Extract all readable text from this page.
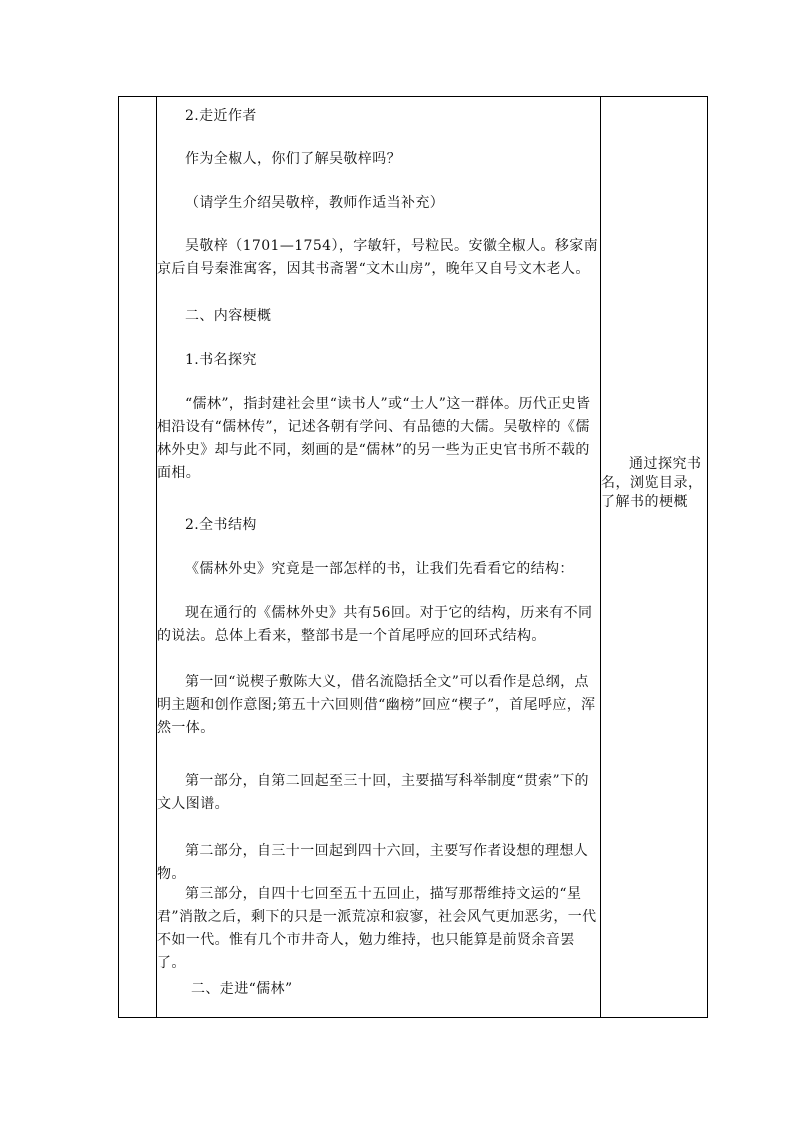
2.走近作者

作为全椒人，你们了解吴敬梓吗？

（请学生介绍吴敬梓，教师作适当补充）

吴敬梓（1701—1754），字敏轩，号粒民。安徽全椒人。移家南京后自号秦淮寓客，因其书斋署“文木山房”，晚年又自号文木老人。

二、内容梗概

1.书名探究

“儒林”，指封建社会里“读书人”或“士人”这一群体。历代正史皆相沿设有“儒林传”，记述各朝有学问、有品德的大儒。吴敬梓的《儒林外史》却与此不同，刻画的是“儒林”的另一些为正史官书所不载的面相。

2.全书结构

《儒林外史》究竟是一部怎样的书，让我们先看看它的结构：

现在通行的《儒林外史》共有56回。对于它的结构，历来有不同的说法。总体上看来，整部书是一个首尾呼应的回环式结构。

第一回“说楔子敷陈大义，借名流隐括全文”可以看作是总纲，点明主题和创作意图;第五十六回则借“幽榜”回应“楔子”，首尾呼应，浑然一体。

第一部分，自第二回起至三十回，主要描写科举制度“贯索”下的文人图谱。

第二部分，自三十一回起到四十六回，主要写作者设想的理想人物。

第三部分，自四十七回至五十五回止，描写那帮维持文运的“星君”消散之后，剩下的只是一派荒凉和寂寥，社会风气更加恶劣，一代不如一代。惟有几个市井奇人，勉力维持，也只能算是前贤余音罢了。

二、走进“儒林”

通过探究书名，浏览目录，了解书的梗概
